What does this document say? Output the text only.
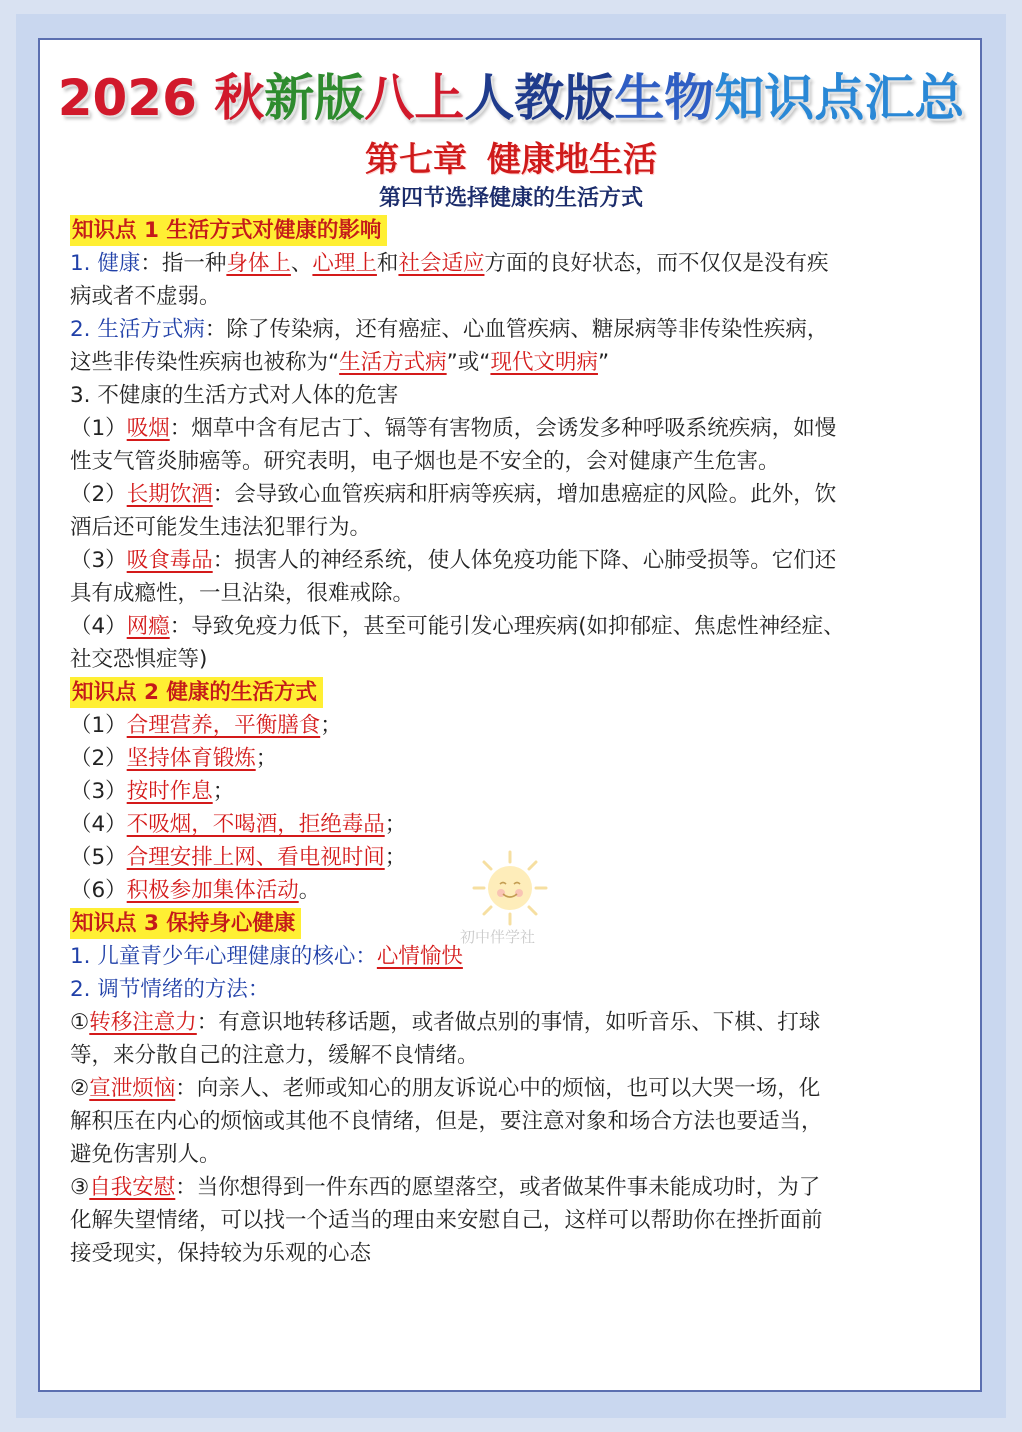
2026 秋新版八上人教版生物知识点汇总
第七章 健康地生活
第四节选择健康的生活方式
知识点 1 生活方式对健康的影响
1. 健康：指一种身体上、心理上和社会适应方面的良好状态，而不仅仅是没有疾
病或者不虚弱。
2. 生活方式病：除了传染病，还有癌症、心血管疾病、糖尿病等非传染性疾病，
这些非传染性疾病也被称为“生活方式病”或“现代文明病”
3. 不健康的生活方式对人体的危害
（1）吸烟：烟草中含有尼古丁、镉等有害物质，会诱发多种呼吸系统疾病，如慢
性支气管炎肺癌等。研究表明，电子烟也是不安全的，会对健康产生危害。
（2）长期饮酒：会导致心血管疾病和肝病等疾病，增加患癌症的风险。此外，饮
酒后还可能发生违法犯罪行为。
（3）吸食毒品：损害人的神经系统，使人体免疫功能下降、心肺受损等。它们还
具有成瘾性，一旦沾染，很难戒除。
（4）网瘾：导致免疫力低下，甚至可能引发心理疾病(如抑郁症、焦虑性神经症、
社交恐惧症等)
知识点 2 健康的生活方式
（1）合理营养，平衡膳食；
（2）坚持体育锻炼；
（3）按时作息；
（4）不吸烟，不喝酒，拒绝毒品；
（5）合理安排上网、看电视时间；
（6）积极参加集体活动。
知识点 3 保持身心健康
1. 儿童青少年心理健康的核心：心情愉快
2. 调节情绪的方法：
①转移注意力：有意识地转移话题，或者做点别的事情，如听音乐、下棋、打球
等，来分散自己的注意力，缓解不良情绪。
②宣泄烦恼：向亲人、老师或知心的朋友诉说心中的烦恼，也可以大哭一场，化
解积压在内心的烦恼或其他不良情绪，但是，要注意对象和场合方法也要适当，
避免伤害别人。
③自我安慰：当你想得到一件东西的愿望落空，或者做某件事未能成功时，为了
化解失望情绪，可以找一个适当的理由来安慰自己，这样可以帮助你在挫折面前
接受现实，保持较为乐观的心态
初中伴学社
